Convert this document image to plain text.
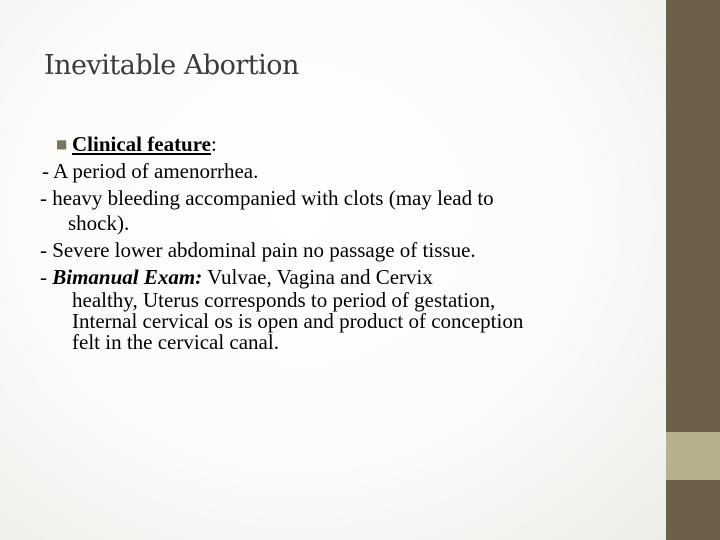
Inevitable Abortion
■ Clinical feature:
- A period of amenorrhea.
- heavy bleeding accompanied with clots (may lead to
shock).
- Severe lower abdominal pain no passage of tissue.
- Bimanual Exam: Vulvae, Vagina and Cervix
healthy, Uterus corresponds to period of gestation,
Internal cervical os is open and product of conception
felt in the cervical canal.
